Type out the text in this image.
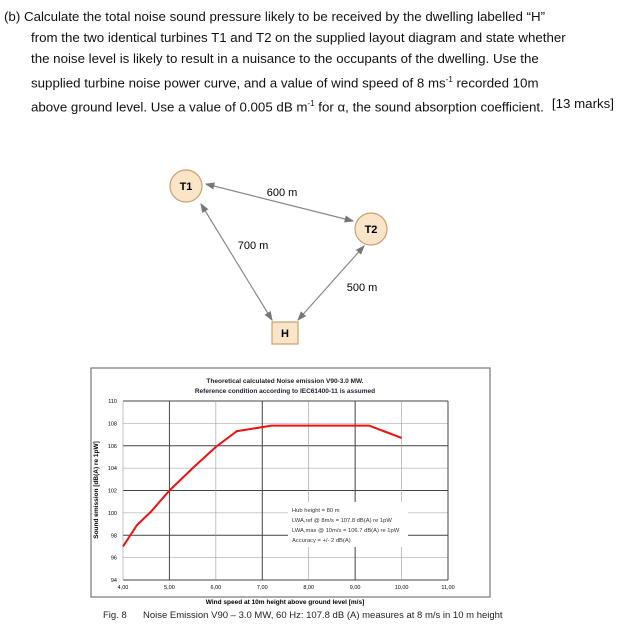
(b) Calculate the total noise sound pressure likely to be received by the dwelling labelled “H”
from the two identical turbines T1 and T2 on the supplied layout diagram and state whether
the noise level is likely to result in a nuisance to the occupants of the dwelling. Use the
supplied turbine noise power curve, and a value of wind speed of 8 $ms^{-1}$ recorded 10m
above ground level. Use a value of 0.005 dB $m^{-1}$ for α, the sound absorption coefficient. [13 marks]
T1
T2
H
600 m
700 m
500 m
Theoretical calculated Noise emission V90-3.0 MW.
Reference condition according to IEC61400-11 is assumed
94
96
98
100
102
104
106
108
110
4,00	5,00	6,00	7,00	8,00	9,00	10,00	11,00
Wind speed at 10m height above ground level [m/s]
Sound emission [dB(A) re 1pW]	Hub height = 80 m
LWA,ref @ 8m/s = 107.8 dB(A) re 1pW
LWA,max @ 10m/s = 106.7 dB(A) re 1pW
Accuracy = +/- 2 dB(A)
Fig. 8 Noise Emission V90 – 3.0 MW, 60 Hz: 107.8 dB (A) measures at 8 m/s in 10 m height
